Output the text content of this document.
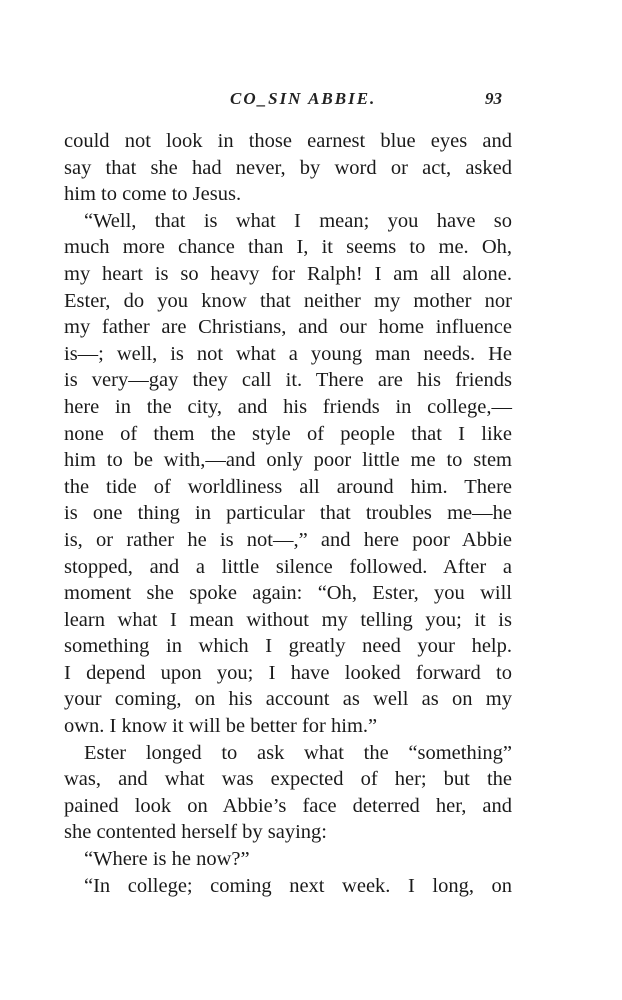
CO_SIN ABBIE.	93
could not look in those earnest blue eyes and
say that she had never, by word or act, asked
him to come to Jesus.
“Well, that is what I mean; you have so
much more chance than I, it seems to me. Oh,
my heart is so heavy for Ralph! I am all alone.
Ester, do you know that neither my mother nor
my father are Christians, and our home influence
is—; well, is not what a young man needs. He
is very—gay they call it. There are his friends
here in the city, and his friends in college,—
none of them the style of people that I like
him to be with,—and only poor little me to stem
the tide of worldliness all around him. There
is one thing in particular that troubles me—he
is, or rather he is not—,” and here poor Abbie
stopped, and a little silence followed. After a
moment she spoke again: “Oh, Ester, you will
learn what I mean without my telling you; it is
something in which I greatly need your help.
I depend upon you; I have looked forward to
your coming, on his account as well as on my
own. I know it will be better for him.”
Ester longed to ask what the “something”
was, and what was expected of her; but the
pained look on Abbie’s face deterred her, and
she contented herself by saying:
“Where is he now?”
“In college; coming next week. I long, on
